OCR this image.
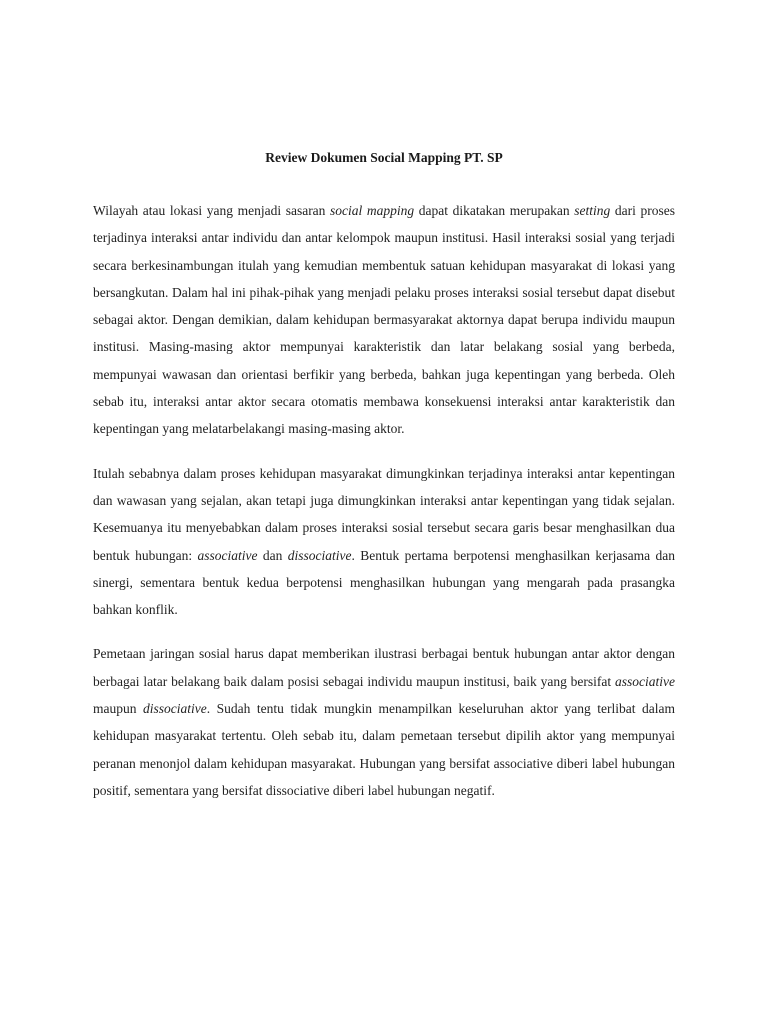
Review Dokumen Social Mapping PT. SP

Wilayah atau lokasi yang menjadi sasaran social mapping dapat dikatakan merupakan setting dari proses terjadinya interaksi antar individu dan antar kelompok maupun institusi. Hasil interaksi sosial yang terjadi secara berkesinambungan itulah yang kemudian membentuk satuan kehidupan masyarakat di lokasi yang bersangkutan. Dalam hal ini pihak-pihak yang menjadi pelaku proses interaksi sosial tersebut dapat disebut sebagai aktor. Dengan demikian, dalam kehidupan bermasyarakat aktornya dapat berupa individu maupun institusi. Masing-masing aktor mempunyai karakteristik dan latar belakang sosial yang berbeda, mempunyai wawasan dan orientasi berfikir yang berbeda, bahkan juga kepentingan yang berbeda. Oleh sebab itu, interaksi antar aktor secara otomatis membawa konsekuensi interaksi antar karakteristik dan kepentingan yang melatarbelakangi masing-masing aktor.

Itulah sebabnya dalam proses kehidupan masyarakat dimungkinkan terjadinya interaksi antar kepentingan dan wawasan yang sejalan, akan tetapi juga dimungkinkan interaksi antar kepentingan yang tidak sejalan. Kesemuanya itu menyebabkan dalam proses interaksi sosial tersebut secara garis besar menghasilkan dua bentuk hubungan: associative dan dissociative. Bentuk pertama berpotensi menghasilkan kerjasama dan sinergi, sementara bentuk kedua berpotensi menghasilkan hubungan yang mengarah pada prasangka bahkan konflik.

Pemetaan jaringan sosial harus dapat memberikan ilustrasi berbagai bentuk hubungan antar aktor dengan berbagai latar belakang baik dalam posisi sebagai individu maupun institusi, baik yang bersifat associative maupun dissociative. Sudah tentu tidak mungkin menampilkan keseluruhan aktor yang terlibat dalam kehidupan masyarakat tertentu. Oleh sebab itu, dalam pemetaan tersebut dipilih aktor yang mempunyai peranan menonjol dalam kehidupan masyarakat. Hubungan yang bersifat associative diberi label hubungan positif, sementara yang bersifat dissociative diberi label hubungan negatif.
